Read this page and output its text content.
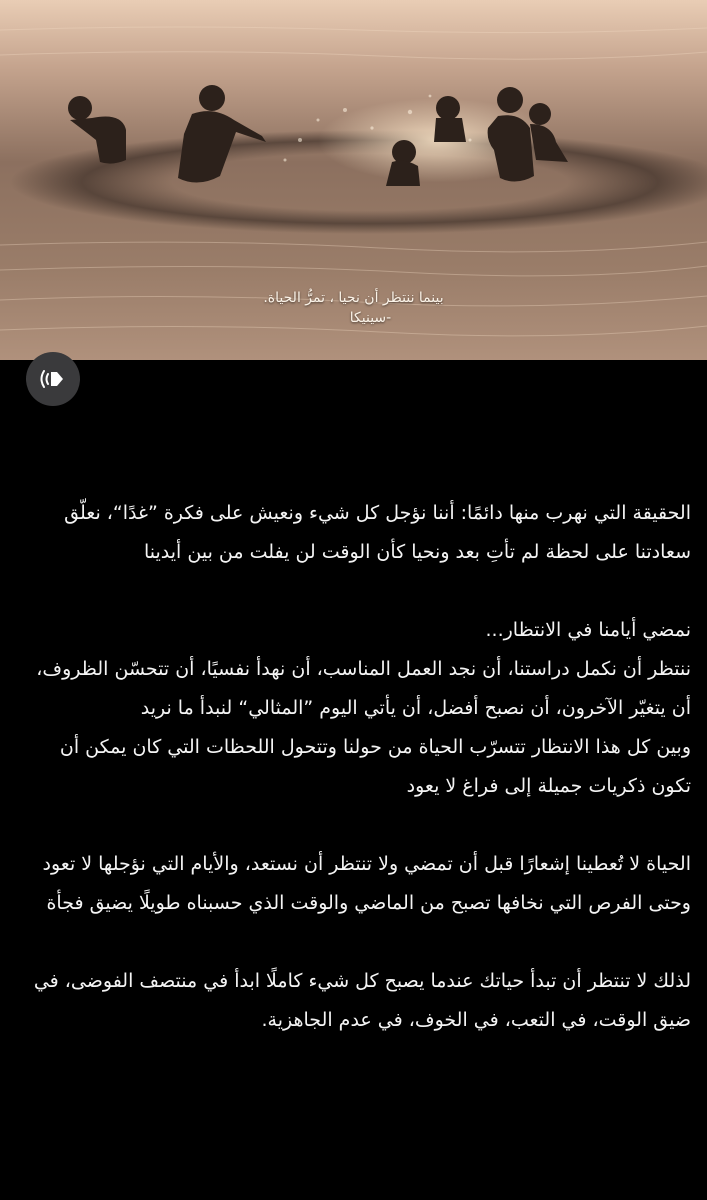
بينما ننتظر أن نحيا ، تمرُّ الحياة.
-سينيكا

الحقيقة التي نهرب منها دائمًا: أننا نؤجل كل شيء ونعيش على فكرة ”غدًا“، نعلّق سعادتنا على لحظة لم تأتِ بعد ونحيا كأن الوقت لن يفلت من بين أيدينا

نمضي أيامنا في الانتظار...

ننتظر أن نكمل دراستنا، أن نجد العمل المناسب، أن نهدأ نفسيًا، أن تتحسّن الظروف، أن يتغيّر الآخرون، أن نصبح أفضل، أن يأتي اليوم ”المثالي“ لنبدأ ما نريد

وبين كل هذا الانتظار تتسرّب الحياة من حولنا وتتحول اللحظات التي كان يمكن أن تكون ذكريات جميلة إلى فراغ لا يعود

الحياة لا تُعطينا إشعارًا قبل أن تمضي ولا تنتظر أن نستعد، والأيام التي نؤجلها لا تعود وحتى الفرص التي نخافها تصبح من الماضي والوقت الذي حسبناه طويلًا يضيق فجأة

لذلك لا تنتظر أن تبدأ حياتك عندما يصبح كل شيء كاملًا ابدأ في منتصف الفوضى، في ضيق الوقت، في التعب، في الخوف، في عدم الجاهزية.
